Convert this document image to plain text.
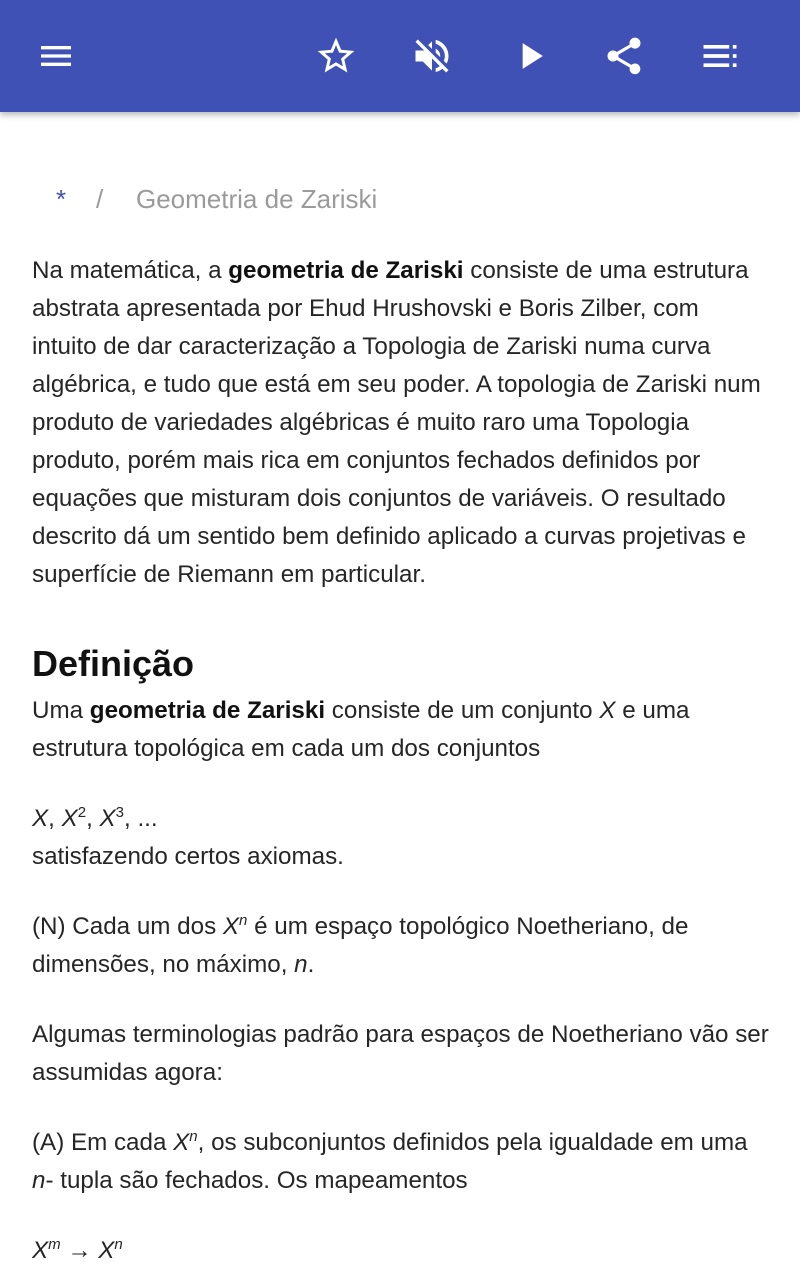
* / Geometria de Zariski

Na matemática, a geometria de Zariski consiste de uma estrutura abstrata apresentada por Ehud Hrushovski e Boris Zilber, com intuito de dar caracterização a Topologia de Zariski numa curva algébrica, e tudo que está em seu poder. A topologia de Zariski num produto de variedades algébricas é muito raro uma Topologia produto, porém mais rica em conjuntos fechados definidos por equações que misturam dois conjuntos de variáveis. O resultado descrito dá um sentido bem definido aplicado a curvas projetivas e superfície de Riemann em particular.

Definição

Uma geometria de Zariski consiste de um conjunto X e uma estrutura topológica em cada um dos conjuntos

X, $X^2$, $X^3$, ...
satisfazendo certos axiomas.

(N) Cada um dos $X^n$ é um espaço topológico Noetheriano, de dimensões, no máximo, n.

Algumas terminologias padrão para espaços de Noetheriano vão ser assumidas agora:

(A) Em cada $X^n$, os subconjuntos definidos pela igualdade em uma n- tupla são fechados. Os mapeamentos

$X^m \to X^n$
